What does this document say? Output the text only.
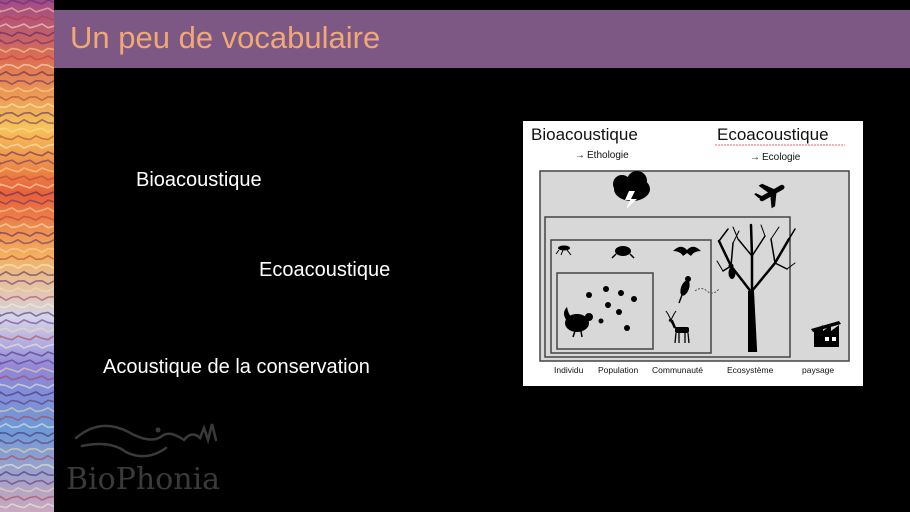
Un peu de vocabulaire
Bioacoustique
Ecoacoustique
Acoustique de la conservation
Bioacoustique	Ecoacoustique
→ Ethologie	→ Ecologie
Individu Population Communauté	Ecosystème	paysage
BioPhonia
